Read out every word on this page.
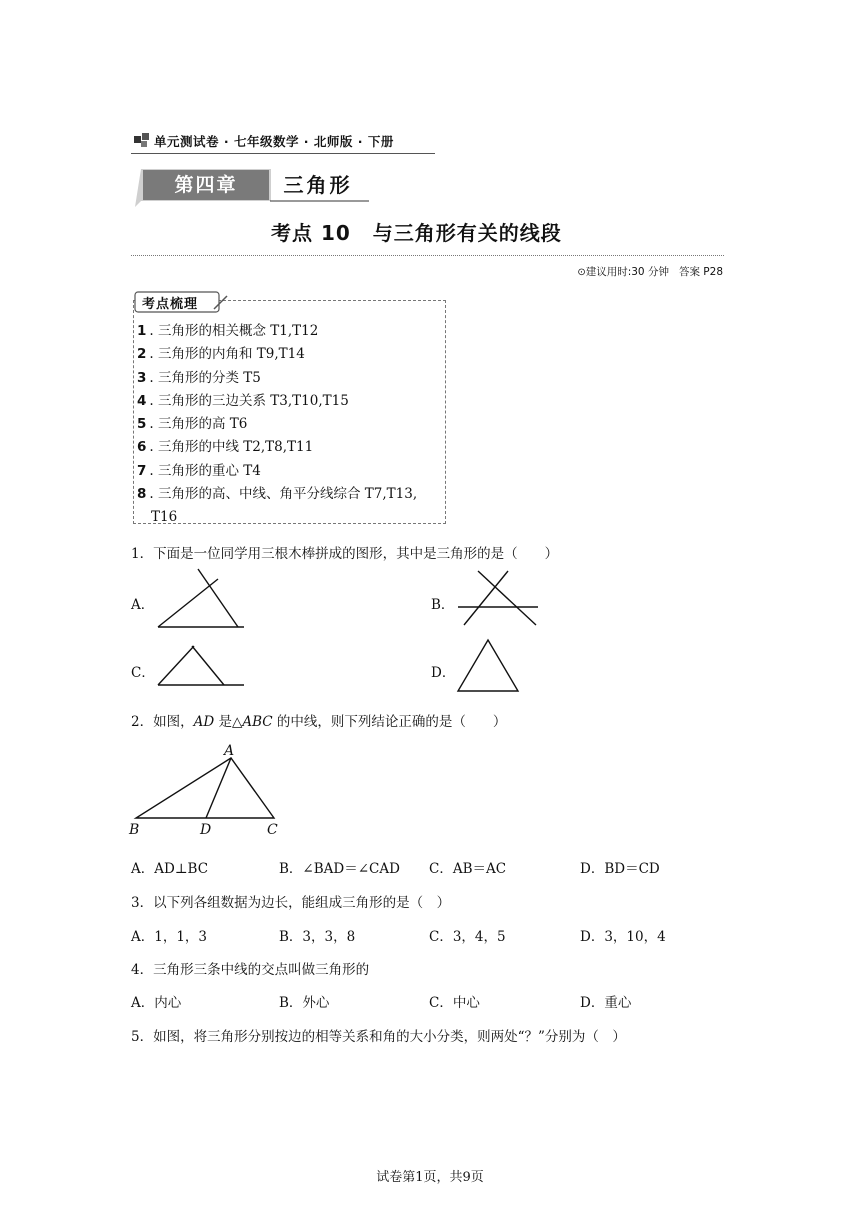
单元测试卷 · 七年级数学 · 北师版 · 下册
第四章	三角形
考点 10 与三角形有关的线段
⊙建议用时:30 分钟 答案 P28
考点梳理
1 . 三角形的相关概念 T1,T12
2 . 三角形的内角和 T9,T14
3 . 三角形的分类 T5
4 . 三角形的三边关系 T3,T10,T15
5 . 三角形的高 T6
6 . 三角形的中线 T2,T8,T11
7 . 三角形的重心 T4
8 . 三角形的高、中线、角平分线综合 T7,T13,
T16
1．下面是一位同学用三根木棒拼成的图形，其中是三角形的是（　　）
A．	B．
C．	D．
2．如图，AD 是△ABC 的中线，则下列结论正确的是（　　）
A
B	D	C
A．AD⊥BC	B．∠BAD＝∠CAD C．AB＝AC	D．BD＝CD
3．以下列各组数据为边长，能组成三角形的是（　）
A．1，1，3	B．3，3，8	C．3，4，5	D．3，10，4
4．三角形三条中线的交点叫做三角形的
A．内心	B．外心	C．中心	D．重心
5．如图，将三角形分别按边的相等关系和角的大小分类，则两处“？”分别为（　）
试卷第1页，共9页
